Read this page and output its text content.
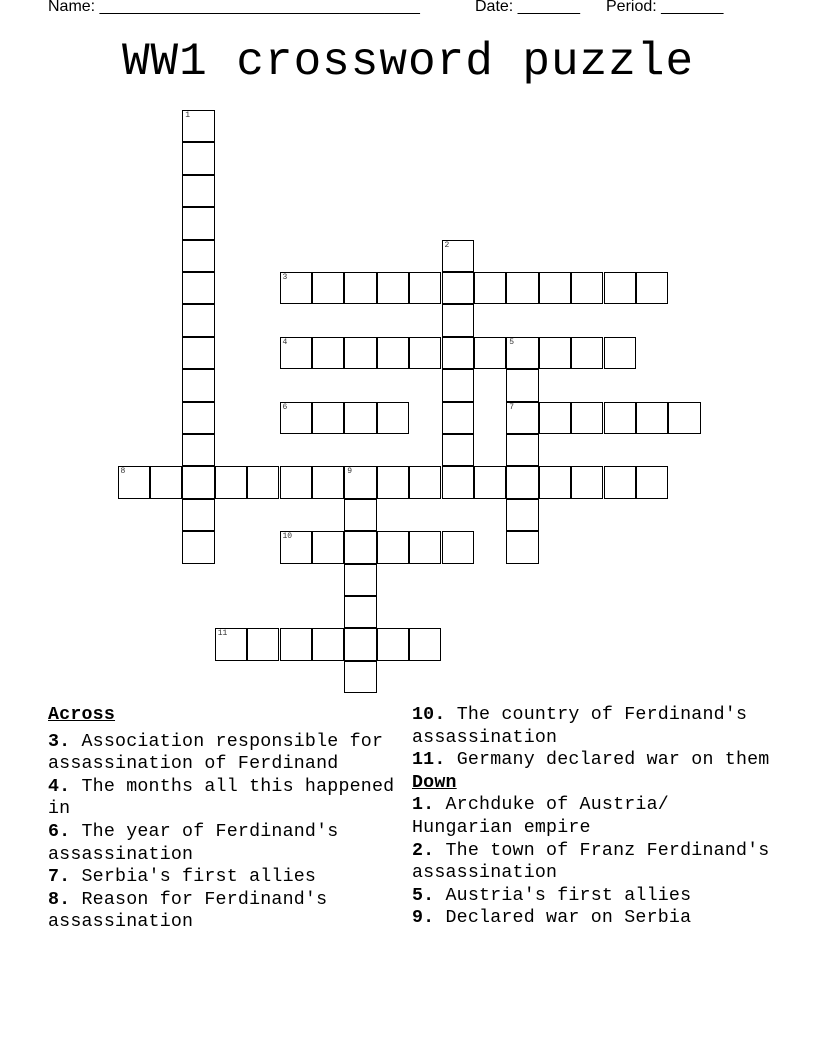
Name: ____________________________________	Date: _______ Period: _______
WW1 crossword puzzle
1
2
3
4	5
7
6
8	9
10
11
Across
3. Association responsible for assassination of Ferdinand
4. The months all this happened in
6. The year of Ferdinand's assassination
7. Serbia's first allies
8. Reason for Ferdinand's assassination
10. The country of Ferdinand's assassination
11. Germany declared war on them
Down
1. Archduke of Austria/ Hungarian empire
2. The town of Franz Ferdinand's assassination
5. Austria's first allies
9. Declared war on Serbia
